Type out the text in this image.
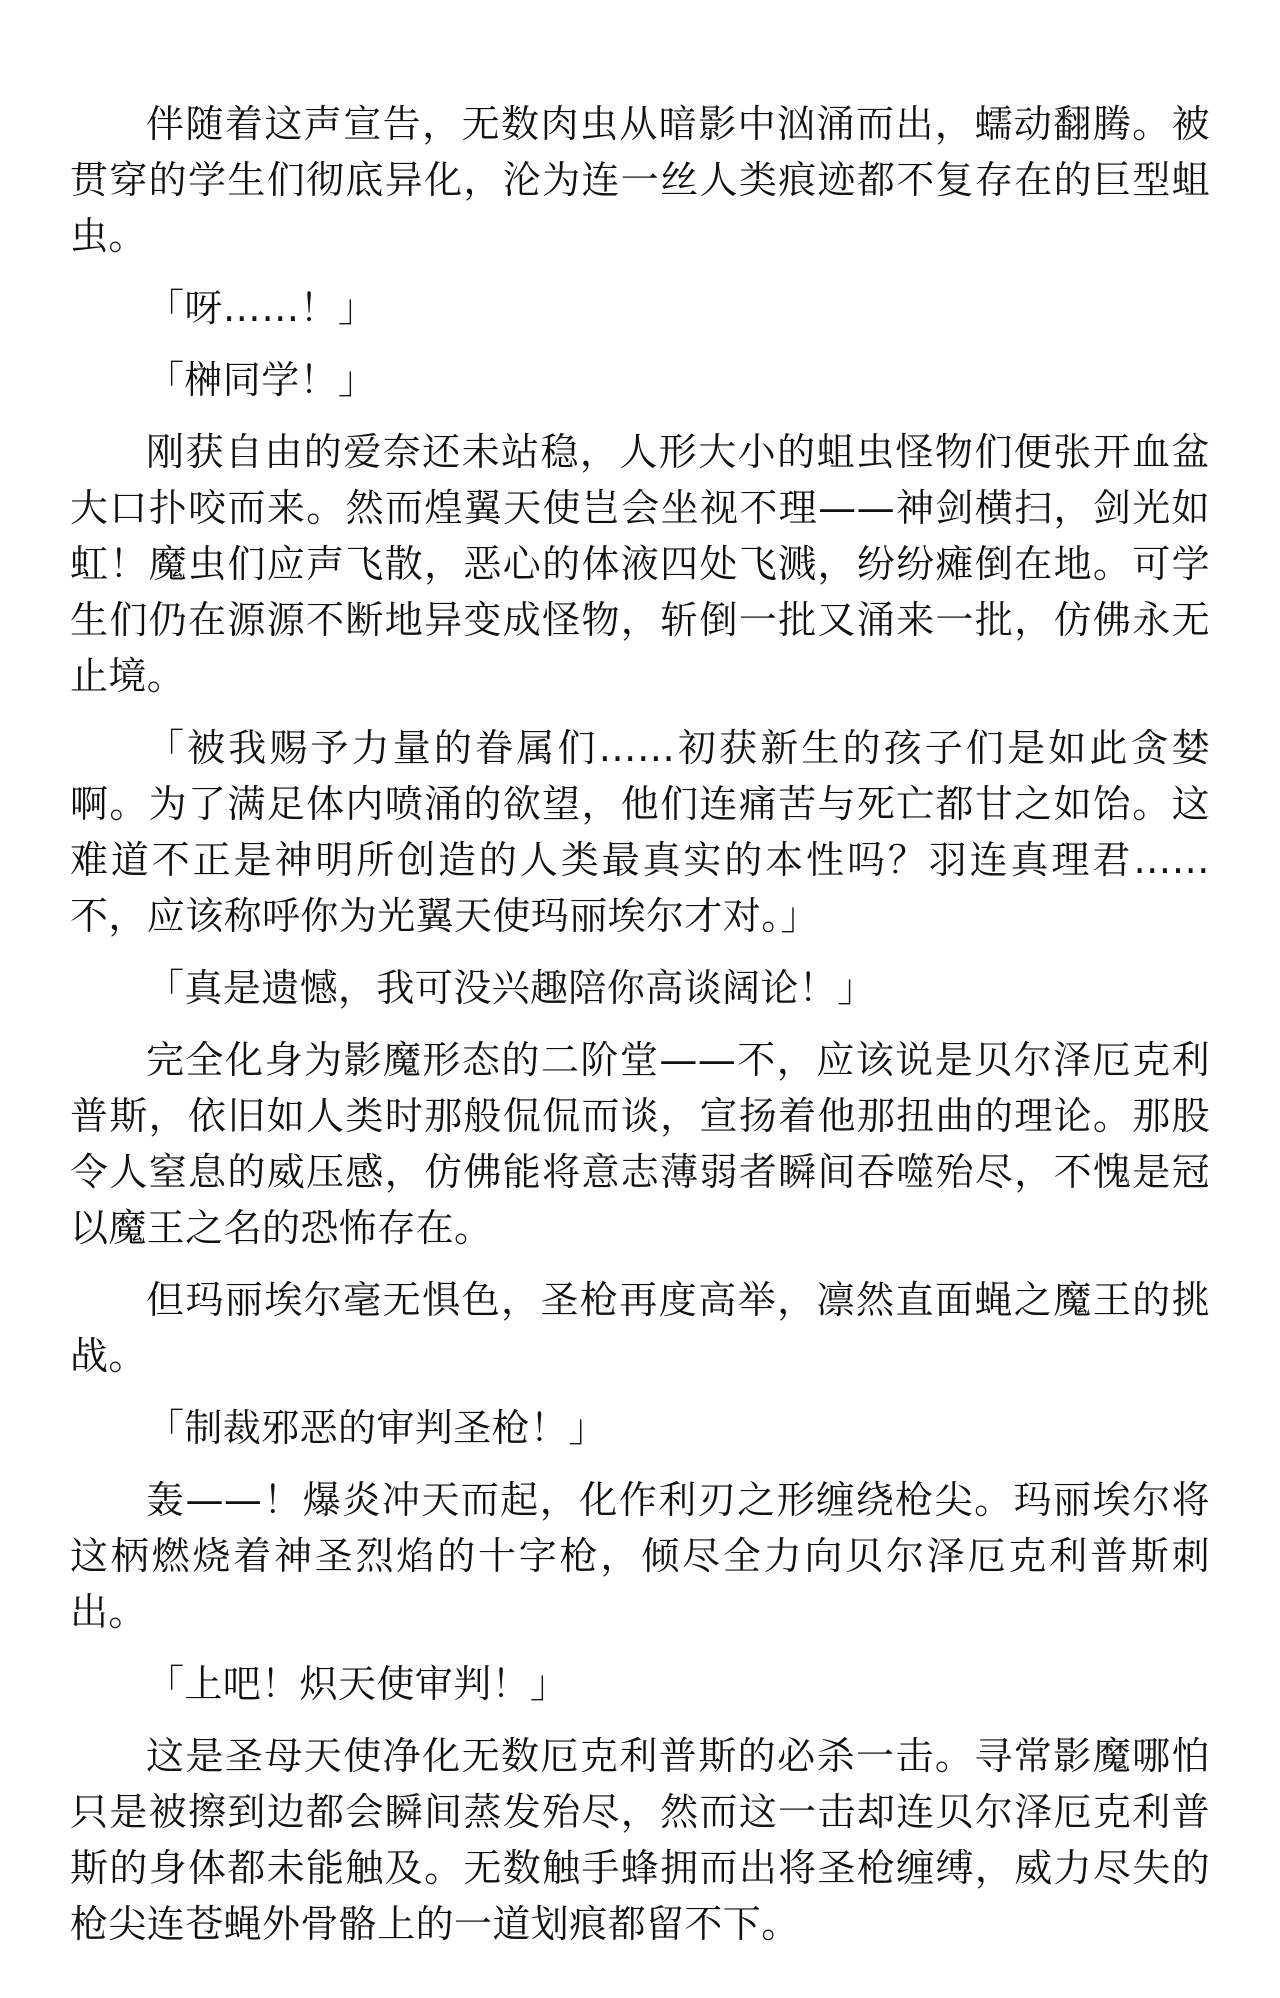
伴随着这声宣告，无数肉虫从暗影中汹涌而出，蠕动翻腾。被贯穿的学生们彻底异化，沦为连一丝人类痕迹都不复存在的巨型蛆虫。

「呀……！」

「榊同学！」

刚获自由的爱奈还未站稳，人形大小的蛆虫怪物们便张开血盆大口扑咬而来。然而煌翼天使岂会坐视不理——神剑横扫，剑光如虹！魔虫们应声飞散，恶心的体液四处飞溅，纷纷瘫倒在地。可学生们仍在源源不断地异变成怪物，斩倒一批又涌来一批，仿佛永无止境。

「被我赐予力量的眷属们……初获新生的孩子们是如此贪婪啊。为了满足体内喷涌的欲望，他们连痛苦与死亡都甘之如饴。这难道不正是神明所创造的人类最真实的本性吗？羽连真理君……不，应该称呼你为光翼天使玛丽埃尔才对。」

「真是遗憾，我可没兴趣陪你高谈阔论！」

完全化身为影魔形态的二阶堂——不，应该说是贝尔泽厄克利普斯，依旧如人类时那般侃侃而谈，宣扬着他那扭曲的理论。那股令人窒息的威压感，仿佛能将意志薄弱者瞬间吞噬殆尽，不愧是冠以魔王之名的恐怖存在。

但玛丽埃尔毫无惧色，圣枪再度高举，凛然直面蝇之魔王的挑战。

「制裁邪恶的审判圣枪！」

轰——！爆炎冲天而起，化作利刃之形缠绕枪尖。玛丽埃尔将这柄燃烧着神圣烈焰的十字枪，倾尽全力向贝尔泽厄克利普斯刺出。

「上吧！炽天使审判！」

这是圣母天使净化无数厄克利普斯的必杀一击。寻常影魔哪怕只是被擦到边都会瞬间蒸发殆尽，然而这一击却连贝尔泽厄克利普斯的身体都未能触及。无数触手蜂拥而出将圣枪缠缚，威力尽失的枪尖连苍蝇外骨骼上的一道划痕都留不下。
